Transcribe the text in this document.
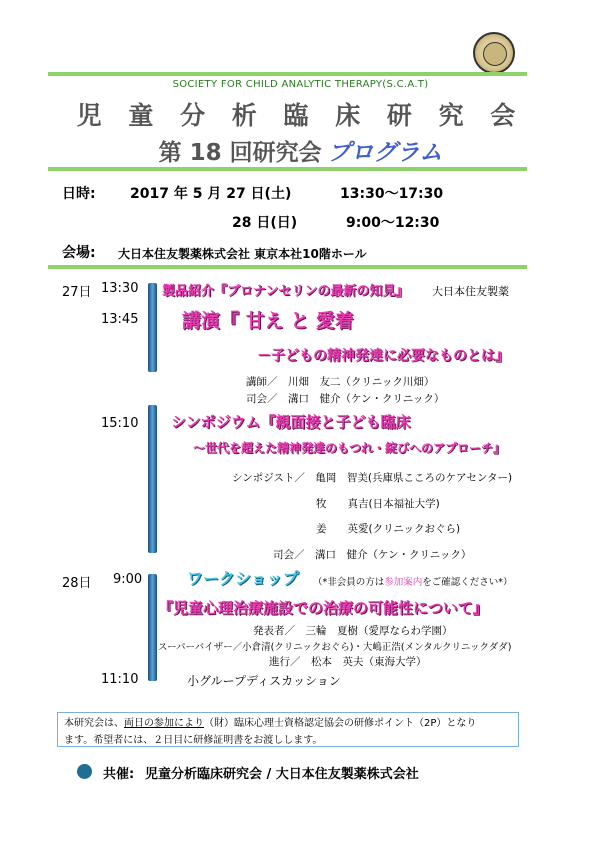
SOCIETY FOR CHILD ANALYTIC THERAPY(S.C.A.T)
児 童 分 析 臨 床 研 究 会
第 18 回研究会 プログラム
日時: 2017 年 5 月 27 日(土)	13:30～17:30
28 日(日)	9:00～12:30
会場: 大日本住友製薬株式会社 東京本社10階ホール
27日 13:30 製品紹介『ブロナンセリンの最新の知見』 大日本住友製薬
13:45 講演『 甘え と 愛着
－子どもの精神発達に必要なものとは』
講師／　川畑　友二（クリニック川畑）
司会／　溝口　健介（ケン・クリニック）
15:10 シンポジウム『親面接と子ども臨床
～世代を超えた精神発達のもつれ・綻びへのアプローチ』
シンポジスト／　亀岡　智美(兵庫県こころのケアセンター)
牧　　真吉(日本福祉大学)
姜　　英愛(クリニックおぐら)
司会／　溝口　健介（ケン・クリニック）
28日 9:00	ワークショップ （*非会員の方は参加案内をご確認ください*）
『児童心理治療施設での治療の可能性について』
発表者／　三輪　夏樹（愛厚ならわ学園）
スーパーバイザー／小倉清(クリニックおぐら)・大嶋正浩(メンタルクリニックダダ)
進行／　松本　英夫（東海大学）
11:10	小グループディスカッション
本研究会は、両日の参加により（財）臨床心理士資格認定協会の研修ポイント（2P）となり
ます。希望者には、２日目に研修証明書をお渡しします。
共催: 児童分析臨床研究会 / 大日本住友製薬株式会社
